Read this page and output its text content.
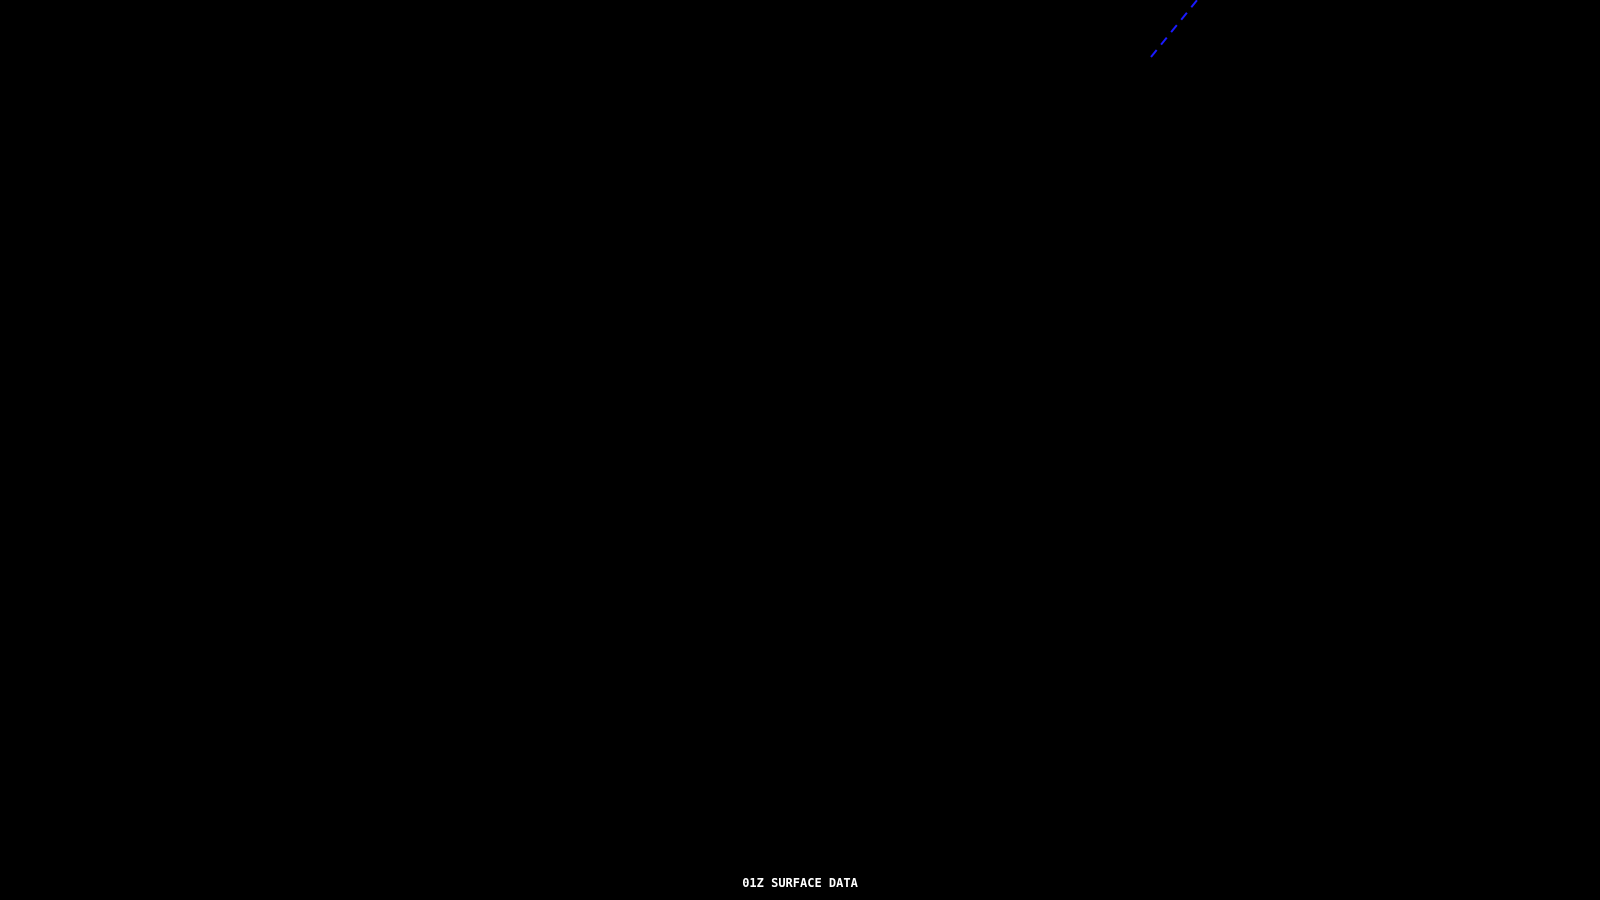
01Z SURFACE DATA
